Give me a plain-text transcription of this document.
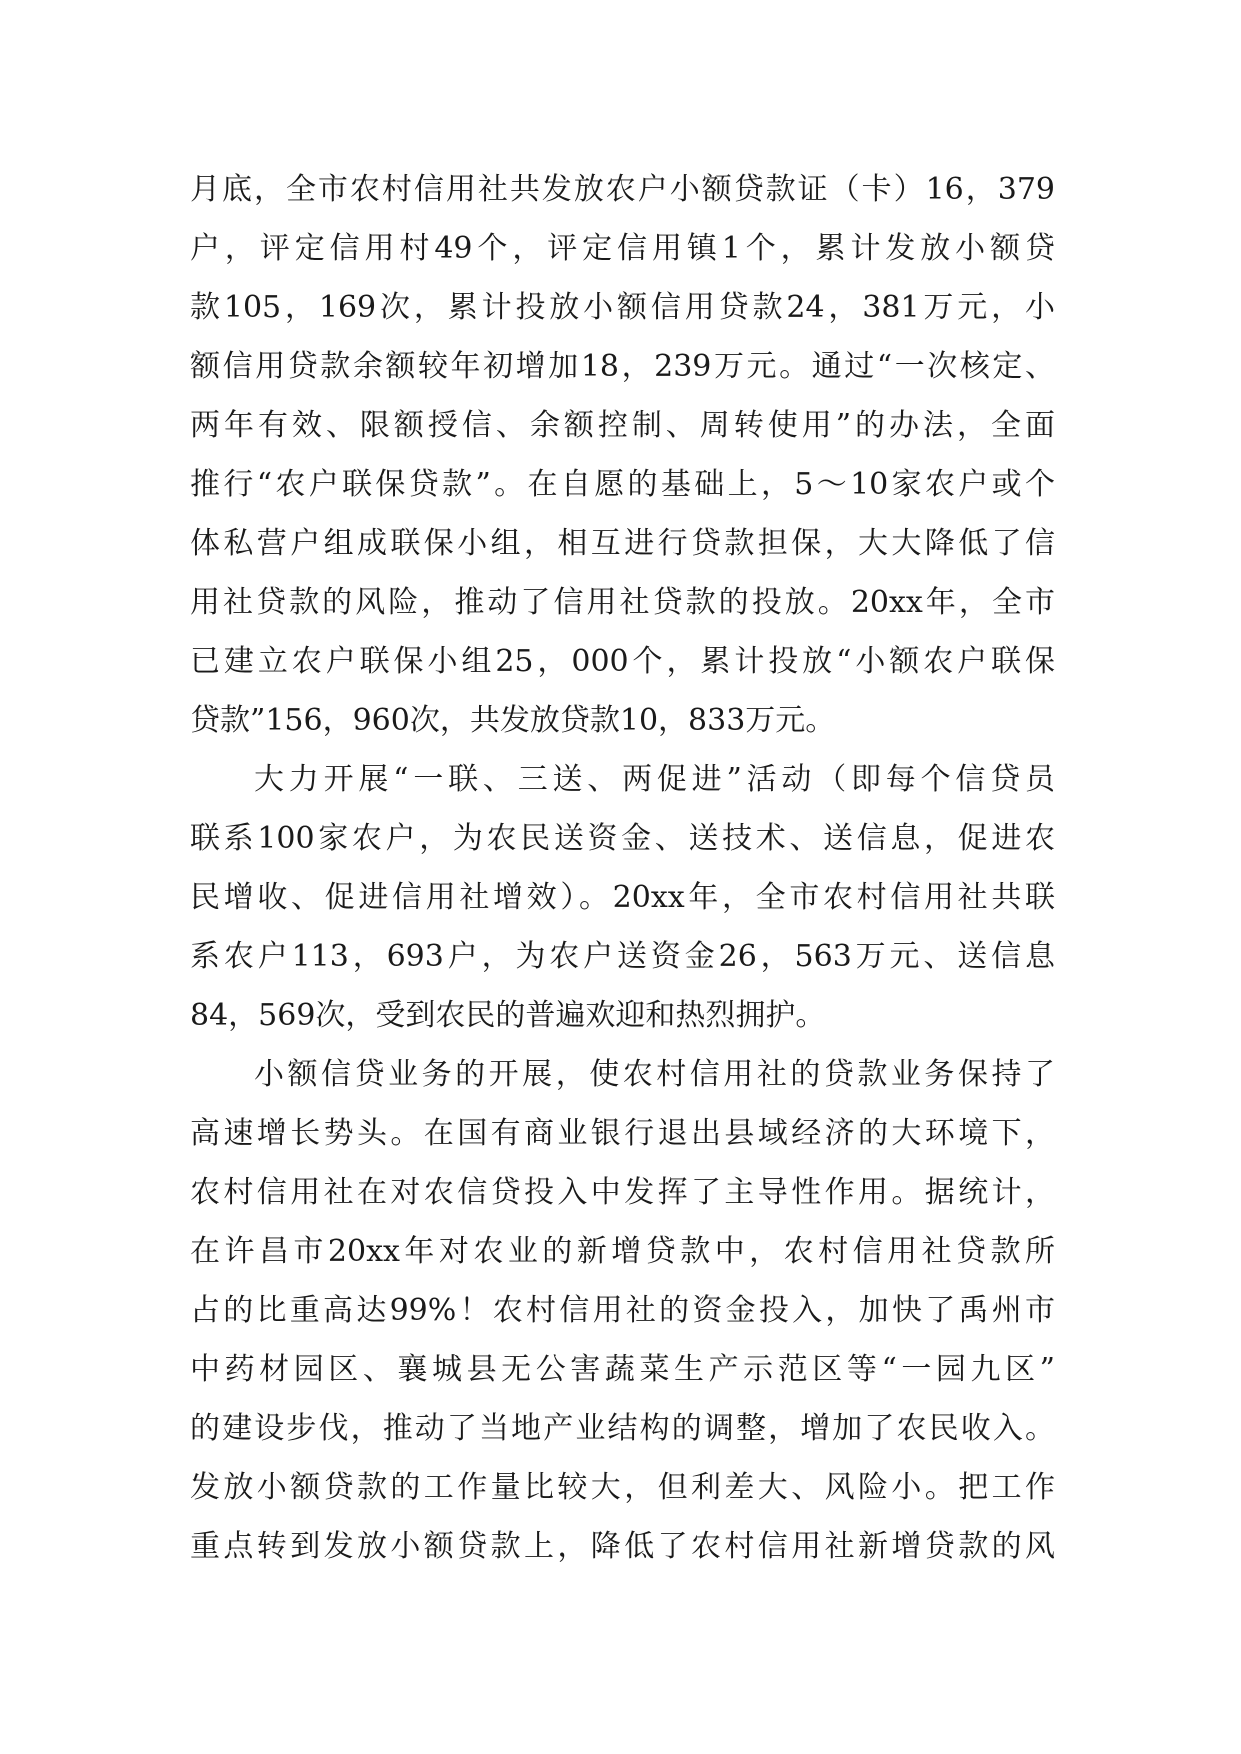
月底，全市农村信用社共发放农户小额贷款证（卡）16，379
户，评定信用村49个，评定信用镇1个，累计发放小额贷
款105，169次，累计投放小额信用贷款24，381万元，小
额信用贷款余额较年初增加18，239万元。通过“一次核定、
两年有效、限额授信、余额控制、周转使用”的办法，全面
推行“农户联保贷款”。在自愿的基础上，5～10家农户或个
体私营户组成联保小组，相互进行贷款担保，大大降低了信
用社贷款的风险，推动了信用社贷款的投放。20xx年，全市
已建立农户联保小组25，000个，累计投放“小额农户联保
贷款”156，960次，共发放贷款10，833万元。
大力开展“一联、三送、两促进”活动（即每个信贷员
联系100家农户，为农民送资金、送技术、送信息，促进农
民增收、促进信用社增效）。20xx年，全市农村信用社共联
系农户113，693户，为农户送资金26，563万元、送信息
84，569次，受到农民的普遍欢迎和热烈拥护。
小额信贷业务的开展，使农村信用社的贷款业务保持了
高速增长势头。在国有商业银行退出县域经济的大环境下，
农村信用社在对农信贷投入中发挥了主导性作用。据统计，
在许昌市20xx年对农业的新增贷款中，农村信用社贷款所
占的比重高达99%！农村信用社的资金投入，加快了禹州市
中药材园区、襄城县无公害蔬菜生产示范区等“一园九区”
的建设步伐，推动了当地产业结构的调整，增加了农民收入。
发放小额贷款的工作量比较大，但利差大、风险小。把工作
重点转到发放小额贷款上，降低了农村信用社新增贷款的风
